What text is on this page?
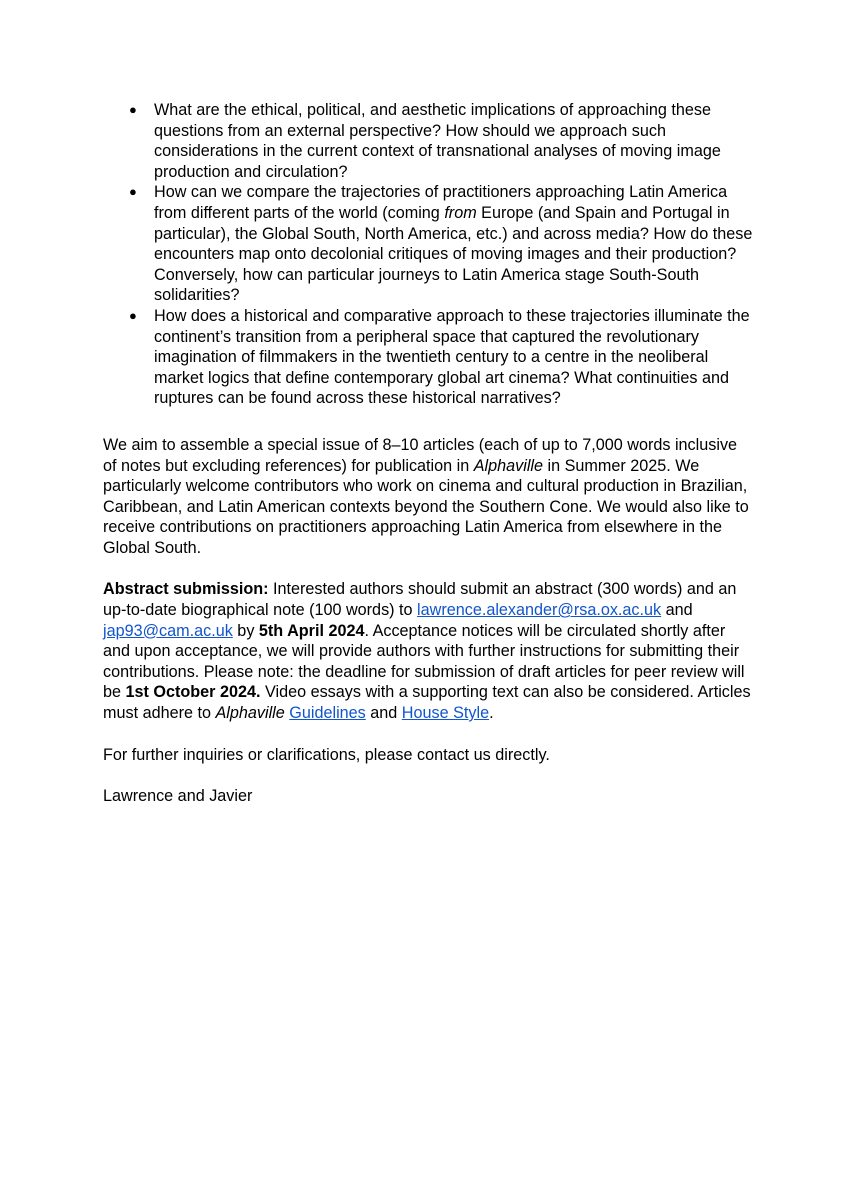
● What are the ethical, political, and aesthetic implications of approaching these questions from an external perspective? How should we approach such considerations in the current context of transnational analyses of moving image production and circulation?
● How can we compare the trajectories of practitioners approaching Latin America from different parts of the world (coming from Europe (and Spain and Portugal in particular), the Global South, North America, etc.) and across media? How do these encounters map onto decolonial critiques of moving images and their production? Conversely, how can particular journeys to Latin America stage South-South solidarities?
● How does a historical and comparative approach to these trajectories illuminate the continent’s transition from a peripheral space that captured the revolutionary imagination of filmmakers in the twentieth century to a centre in the neoliberal market logics that define contemporary global art cinema? What continuities and ruptures can be found across these historical narratives?

We aim to assemble a special issue of 8–10 articles (each of up to 7,000 words inclusive of notes but excluding references) for publication in Alphaville in Summer 2025. We particularly welcome contributors who work on cinema and cultural production in Brazilian, Caribbean, and Latin American contexts beyond the Southern Cone. We would also like to receive contributions on practitioners approaching Latin America from elsewhere in the Global South.

Abstract submission: Interested authors should submit an abstract (300 words) and an up-to-date biographical note (100 words) to lawrence.alexander@rsa.ox.ac.uk and jap93@cam.ac.uk by 5th April 2024. Acceptance notices will be circulated shortly after and upon acceptance, we will provide authors with further instructions for submitting their contributions. Please note: the deadline for submission of draft articles for peer review will be 1st October 2024. Video essays with a supporting text can also be considered. Articles must adhere to Alphaville Guidelines and House Style.

For further inquiries or clarifications, please contact us directly.

Lawrence and Javier
